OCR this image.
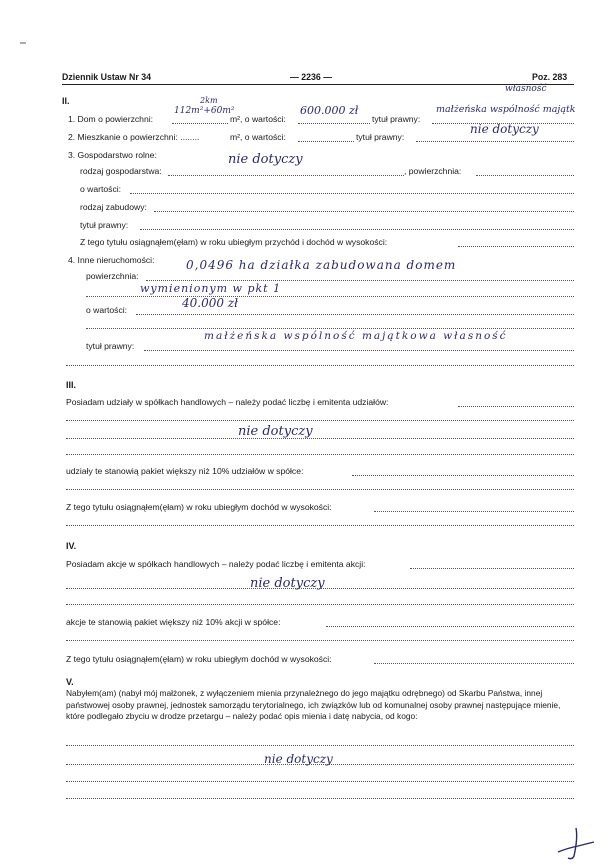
Dziennik Ustaw Nr 34	— 2236 —	Poz. 283
II.
1. Dom o powierzchni:
2km
112m²+60m²
m², o wartości:
600.000 zł
tytuł prawny:
własność
małżeńska wspólność majątk
2. Mieszkanie o powierzchni: ........	m², o wartości:	tytuł prawny:
nie dotyczy
3. Gospodarstwo rolne:
rodzaj gospodarstwa:
nie dotyczy
, powierzchnia:
o wartości:
rodzaj zabudowy:
tytuł prawny:
Z tego tytułu osiągnąłem(ęłam) w roku ubiegłym przychód i dochód w wysokości:
4. Inne nieruchomości:
powierzchnia:
0,0496 ha działka zabudowana domem
wymienionym w pkt 1
o wartości:	40.000 zł
tytuł prawny:
małżeńska wspólność majątkowa własność
III.
Posiadam udziały w spółkach handlowych – należy podać liczbę i emitenta udziałów:
nie dotyczy
udziały te stanowią pakiet większy niż 10% udziałów w spółce:
Z tego tytułu osiągnąłem(ęłam) w roku ubiegłym dochód w wysokości:
IV.
Posiadam akcje w spółkach handlowych – należy podać liczbę i emitenta akcji:
nie dotyczy
akcje te stanowią pakiet większy niż 10% akcji w spółce:
Z tego tytułu osiągnąłem(ęłam) w roku ubiegłym dochód w wysokości:
V.
Nabyłem(am) (nabył mój małżonek, z wyłączeniem mienia przynależnego do jego majątku odrębnego) od Skarbu Państwa, innej państwowej osoby prawnej, jednostek samorządu terytorialnego, ich związków lub od komunalnej osoby prawnej następujące mienie, które podlegało zbyciu w drodze przetargu – należy podać opis mienia i datę nabycia, od kogo:
nie dotyczy
